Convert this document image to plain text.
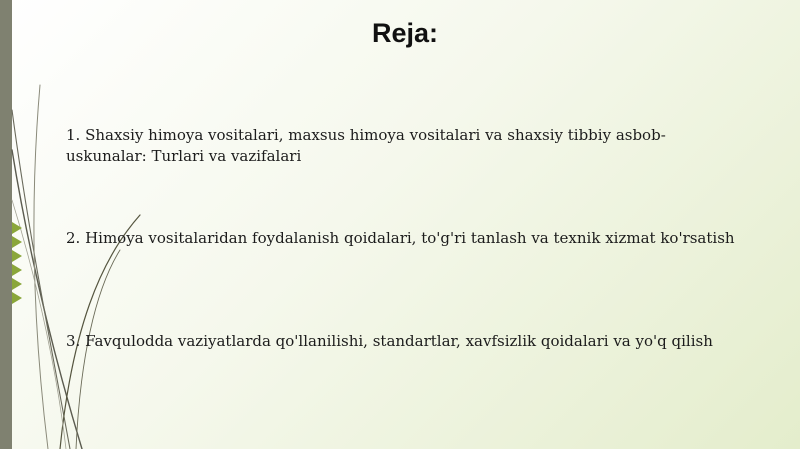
Reja:
1. Shaxsiy himoya vositalari, maxsus himoya vositalari va shaxsiy tibbiy asbob-uskunalar: Turlari va vazifalari
2. Himoya vositalaridan foydalanish qoidalari, to'g'ri tanlash va texnik xizmat ko'rsatish
3. Favqulodda vaziyatlarda qo'llanilishi, standartlar, xavfsizlik qoidalari va yo'q qilish
